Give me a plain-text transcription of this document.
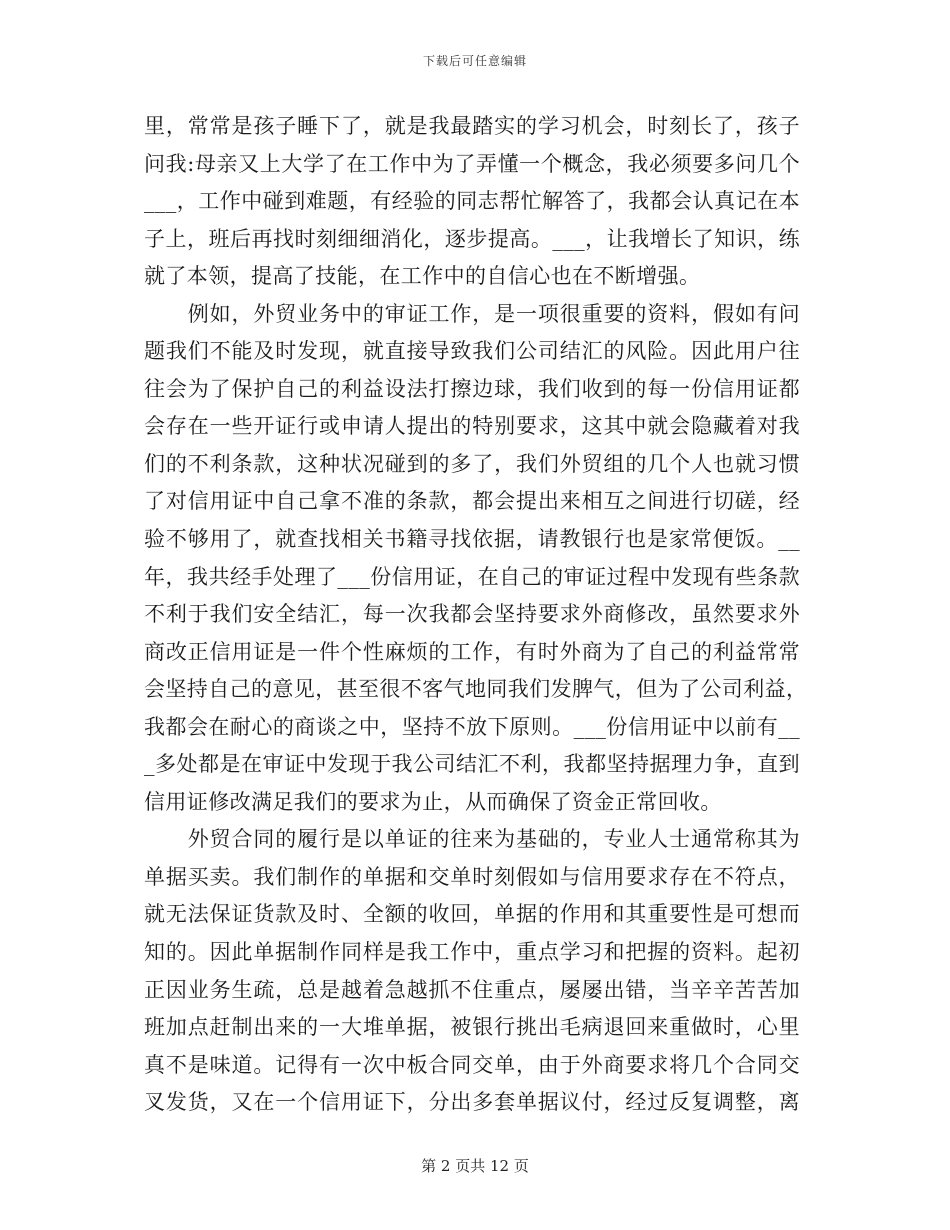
下载后可任意编辑
里，常常是孩子睡下了，就是我最踏实的学习机会，时刻长了，孩子
问我:母亲又上大学了在工作中为了弄懂一个概念，我必须要多问几个
___，工作中碰到难题，有经验的同志帮忙解答了，我都会认真记在本
子上，班后再找时刻细细消化，逐步提高。___，让我增长了知识，练
就了本领，提高了技能，在工作中的自信心也在不断增强。
　　例如，外贸业务中的审证工作，是一项很重要的资料，假如有问
题我们不能及时发现，就直接导致我们公司结汇的风险。因此用户往
往会为了保护自己的利益设法打擦边球，我们收到的每一份信用证都
会存在一些开证行或申请人提出的特别要求，这其中就会隐藏着对我
们的不利条款，这种状况碰到的多了，我们外贸组的几个人也就习惯
了对信用证中自己拿不准的条款，都会提出来相互之间进行切磋，经
验不够用了，就查找相关书籍寻找依据，请教银行也是家常便饭。__
年，我共经手处理了___份信用证，在自己的审证过程中发现有些条款
不利于我们安全结汇，每一次我都会坚持要求外商修改，虽然要求外
商改正信用证是一件个性麻烦的工作，有时外商为了自己的利益常常
会坚持自己的意见，甚至很不客气地同我们发脾气，但为了公司利益，
我都会在耐心的商谈之中，坚持不放下原则。___份信用证中以前有__
_多处都是在审证中发现于我公司结汇不利，我都坚持据理力争，直到
信用证修改满足我们的要求为止，从而确保了资金正常回收。
　　外贸合同的履行是以单证的往来为基础的，专业人士通常称其为
单据买卖。我们制作的单据和交单时刻假如与信用要求存在不符点，
就无法保证货款及时、全额的收回，单据的作用和其重要性是可想而
知的。因此单据制作同样是我工作中，重点学习和把握的资料。起初
正因业务生疏，总是越着急越抓不住重点，屡屡出错，当辛辛苦苦加
班加点赶制出来的一大堆单据，被银行挑出毛病退回来重做时，心里
真不是味道。记得有一次中板合同交单，由于外商要求将几个合同交
叉发货，又在一个信用证下，分出多套单据议付，经过反复调整，离
第 2 页共 12 页
